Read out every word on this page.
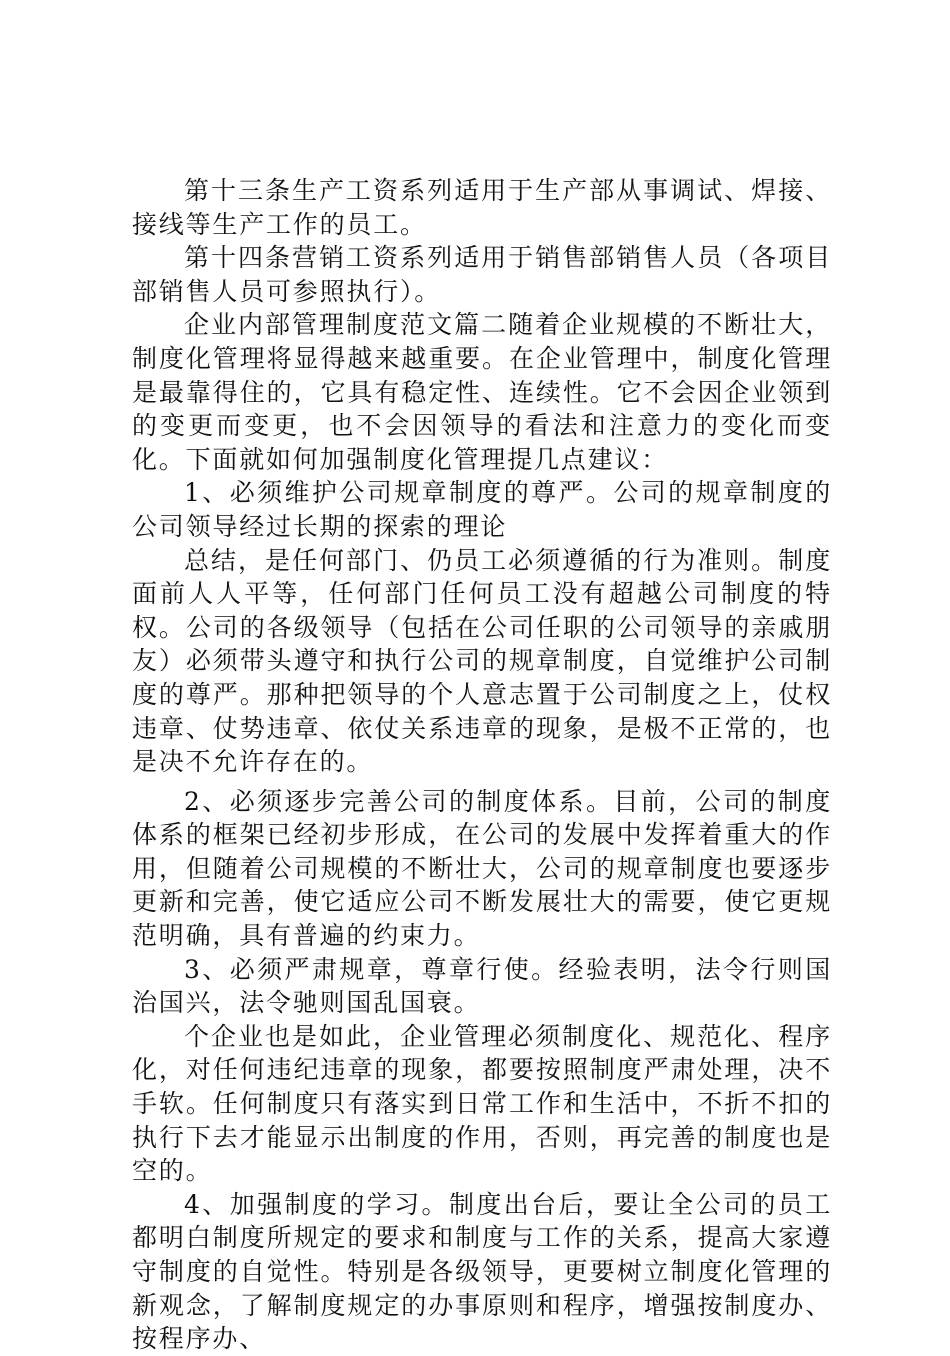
第十三条生产工资系列适用于生产部从事调试、焊接、接线等生产工作的员工。

第十四条营销工资系列适用于销售部销售人员（各项目部销售人员可参照执行）。

企业内部管理制度范文篇二随着企业规模的不断壮大，制度化管理将显得越来越重要。在企业管理中，制度化管理是最靠得住的，它具有稳定性、连续性。它不会因企业领到的变更而变更，也不会因领导的看法和注意力的变化而变化。下面就如何加强制度化管理提几点建议：

1、必须维护公司规章制度的尊严。公司的规章制度的公司领导经过长期的探索的理论

总结，是任何部门、仍员工必须遵循的行为准则。制度面前人人平等，任何部门任何员工没有超越公司制度的特权。公司的各级领导（包括在公司任职的公司领导的亲戚朋友）必须带头遵守和执行公司的规章制度，自觉维护公司制度的尊严。那种把领导的个人意志置于公司制度之上，仗权违章、仗势违章、依仗关系违章的现象，是极不正常的，也是决不允许存在的。

2、必须逐步完善公司的制度体系。目前，公司的制度体系的框架已经初步形成，在公司的发展中发挥着重大的作用，但随着公司规模的不断壮大，公司的规章制度也要逐步更新和完善，使它适应公司不断发展壮大的需要，使它更规范明确，具有普遍的约束力。

3、必须严肃规章，尊章行使。经验表明，法令行则国治国兴，法令驰则国乱国衰。

个企业也是如此，企业管理必须制度化、规范化、程序化，对任何违纪违章的现象，都要按照制度严肃处理，决不手软。任何制度只有落实到日常工作和生活中，不折不扣的执行下去才能显示出制度的作用，否则，再完善的制度也是空的。

4、加强制度的学习。制度出台后，要让全公司的员工都明白制度所规定的要求和制度与工作的关系，提高大家遵守制度的自觉性。特别是各级领导，更要树立制度化管理的新观念，了解制度规定的办事原则和程序，增强按制度办、按程序办、
